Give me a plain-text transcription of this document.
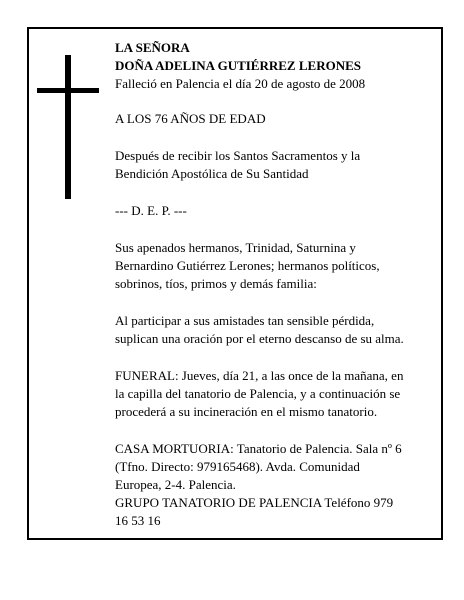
LA SEÑORA

DOÑA ADELINA GUTIÉRREZ LERONES

Falleció en Palencia el día 20 de agosto de 2008

A LOS 76 AÑOS DE EDAD

Después de recibir los Santos Sacramentos y la Bendición Apostólica de Su Santidad

--- D. E. P. ---

Sus apenados hermanos, Trinidad, Saturnina y Bernardino Gutiérrez Lerones; hermanos políticos, sobrinos, tíos, primos y demás familia:

Al participar a sus amistades tan sensible pérdida, suplican una oración por el eterno descanso de su alma.

FUNERAL: Jueves, día 21, a las once de la mañana, en la capilla del tanatorio de Palencia, y a continuación se procederá a su incineración en el mismo tanatorio.

CASA MORTUORIA: Tanatorio de Palencia. Sala nº 6 (Tfno. Directo: 979165468). Avda. Comunidad Europea, 2-4. Palencia.

GRUPO TANATORIO DE PALENCIA Teléfono 979 16 53 16
